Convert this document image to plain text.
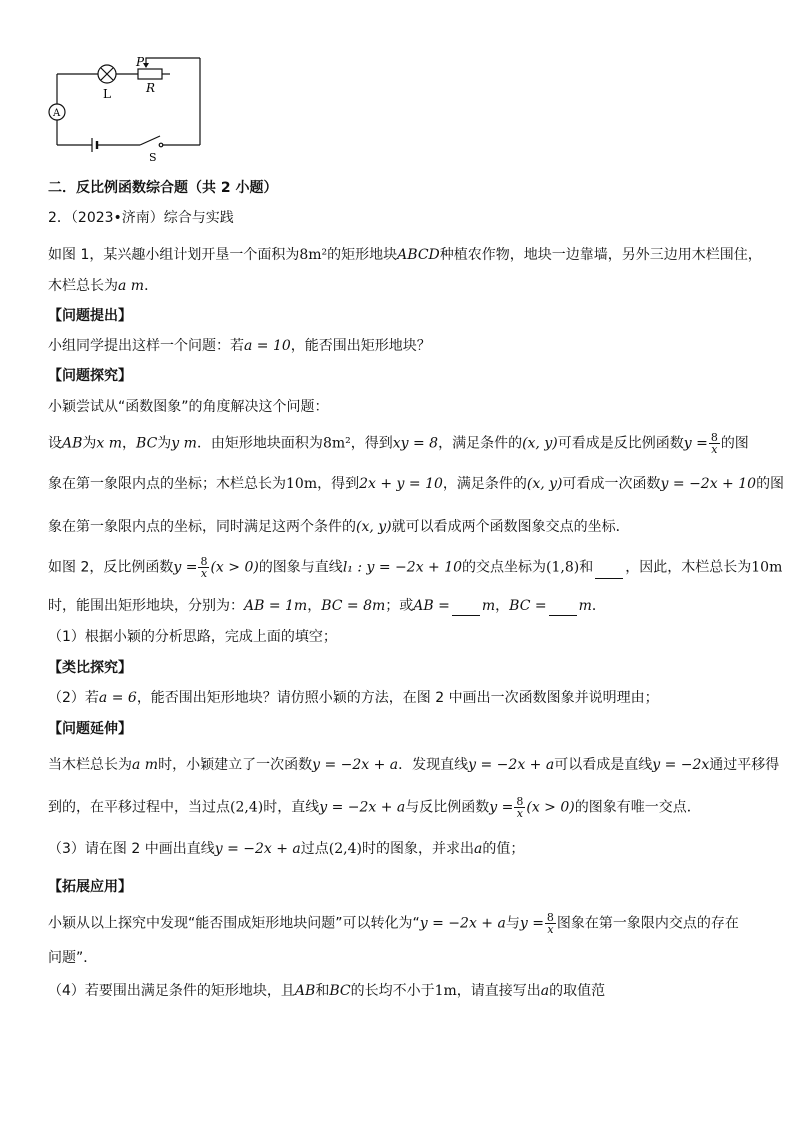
P
R
L
A
S
二．反比例函数综合题（共 2 小题）
2．（2023•济南）综合与实践
如图 1，某兴趣小组计划开垦一个面积为8m²的矩形地块ABCD种植农作物，地块一边靠墙，另外三边用木栏围住，
木栏总长为a m．
【问题提出】
小组同学提出这样一个问题：若a = 10，能否围出矩形地块？
【问题探究】
小颖尝试从“函数图象”的角度解决这个问题：
设AB为x m，BC为y m．由矩形地块面积为8m²，得到xy = 8，满足条件的(x, y)可看成是反比例函数$y = \frac{8}{x}$ 的图
象在第一象限内点的坐标；木栏总长为10m，得到2x + y = 10，满足条件的(x, y)可看成一次函数y = −2x + 10的图
象在第一象限内点的坐标，同时满足这两个条件的(x, y)就可以看成两个函数图象交点的坐标．
如图 2，反比例函数$y = \frac{8}{x} (x > 0)$的图象与直线l₁ : y = −2x + 10的交点坐标为(1,8)和 ，因此，木栏总长为10m
时，能围出矩形地块，分别为：AB = 1m，BC = 8m；或AB = m，BC = m．
（1）根据小颖的分析思路，完成上面的填空；
【类比探究】
（2）若a = 6，能否围出矩形地块？请仿照小颖的方法，在图 2 中画出一次函数图象并说明理由；
【问题延伸】
当木栏总长为a m时，小颖建立了一次函数y = −2x + a．发现直线y = −2x + a可以看成是直线y = −2x通过平移得
到的，在平移过程中，当过点(2,4)时，直线y = −2x + a与反比例函数$y = \frac{8}{x} (x > 0)$的图象有唯一交点．
（3）请在图 2 中画出直线y = −2x + a过点(2,4)时的图象，并求出a的值；
【拓展应用】
小颖从以上探究中发现“能否围成矩形地块问题”可以转化为“y = −2x + a与$y = \frac{8}{x}$ 图象在第一象限内交点的存在
问题”．
（4）若要围出满足条件的矩形地块，且AB和BC的长均不小于1m，请直接写出a的取值范
